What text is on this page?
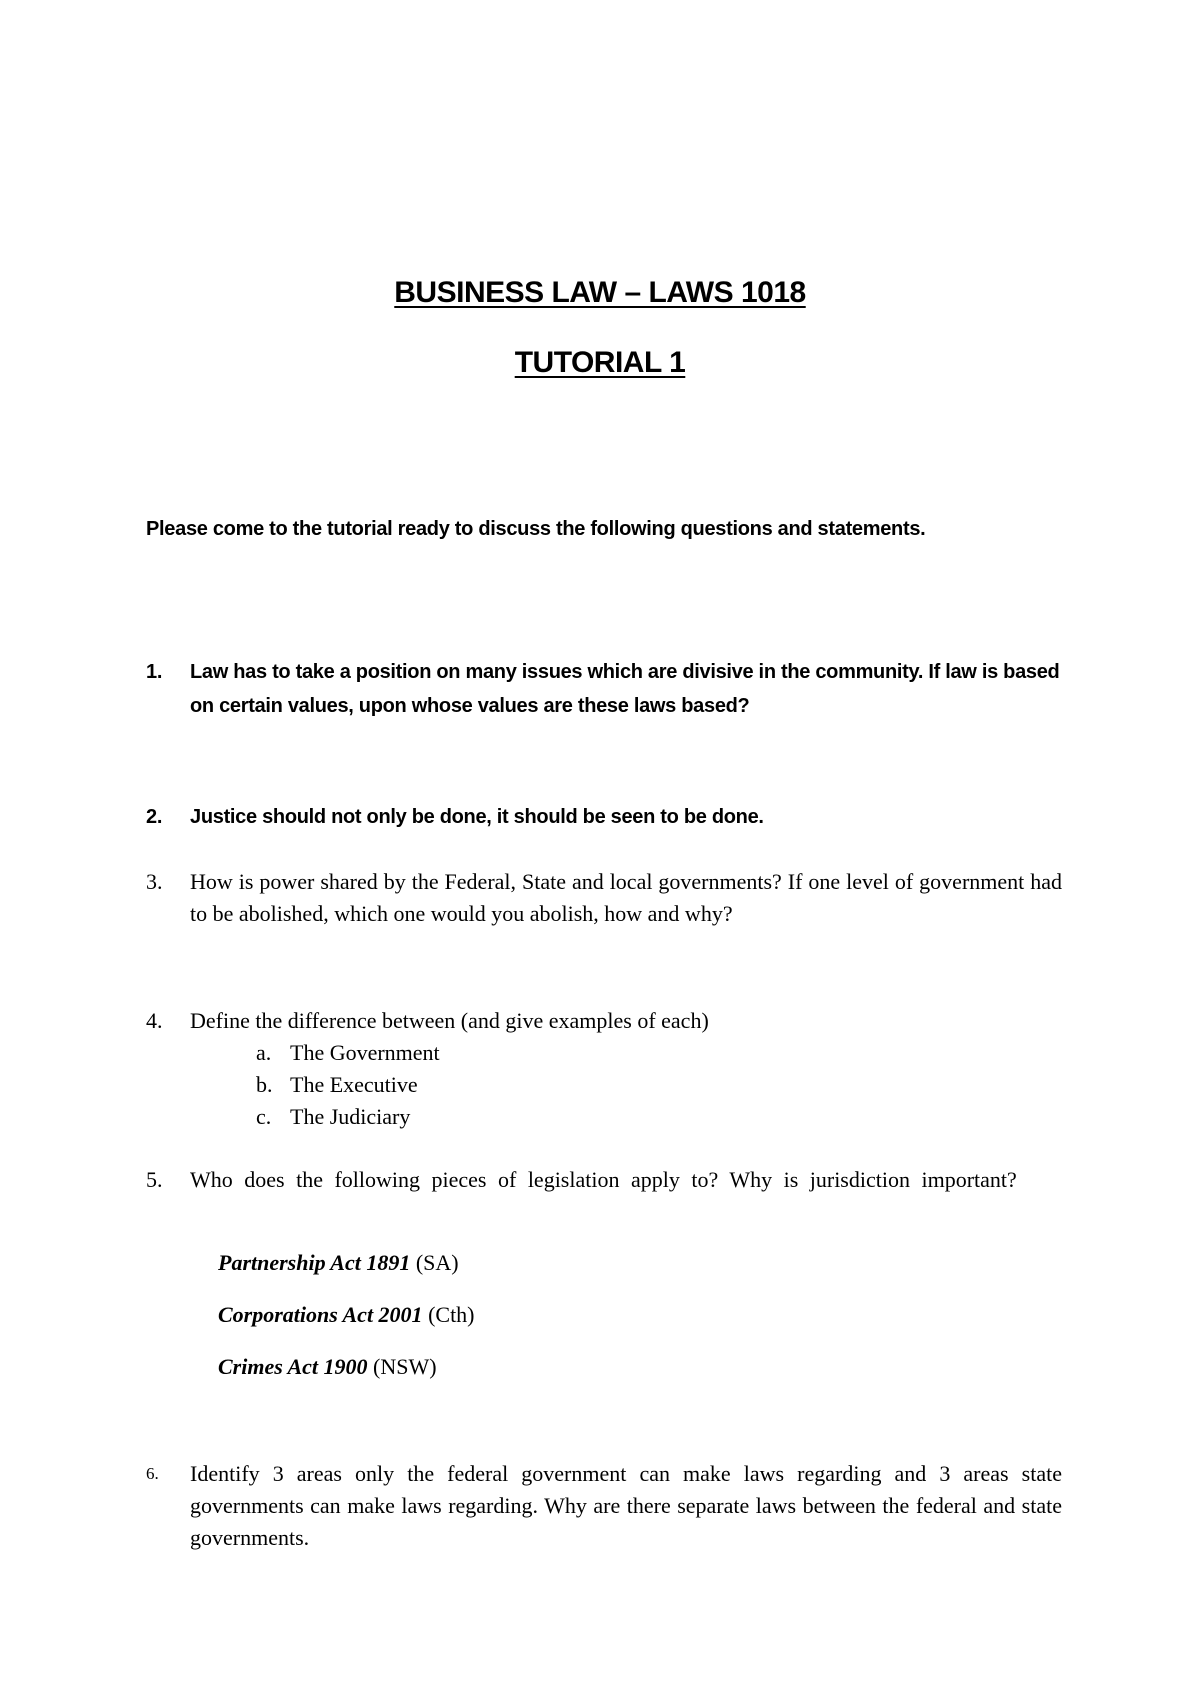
BUSINESS LAW – LAWS 1018
TUTORIAL 1
Please come to the tutorial ready to discuss the following questions and statements.
1. Law has to take a position on many issues which are divisive in the community. If law is based on certain values, upon whose values are these laws based?
2. Justice should not only be done, it should be seen to be done.
3. How is power shared by the Federal, State and local governments? If one level of government had to be abolished, which one would you abolish, how and why?
4. Define the difference between (and give examples of each)
a. The Government
b. The Executive
c. The Judiciary
5. Who does the following pieces of legislation apply to? Why is jurisdiction important?
Partnership Act 1891 (SA)
Corporations Act 2001 (Cth)
Crimes Act 1900 (NSW)
6. Identify 3 areas only the federal government can make laws regarding and 3 areas state governments can make laws regarding. Why are there separate laws between the federal and state governments.
